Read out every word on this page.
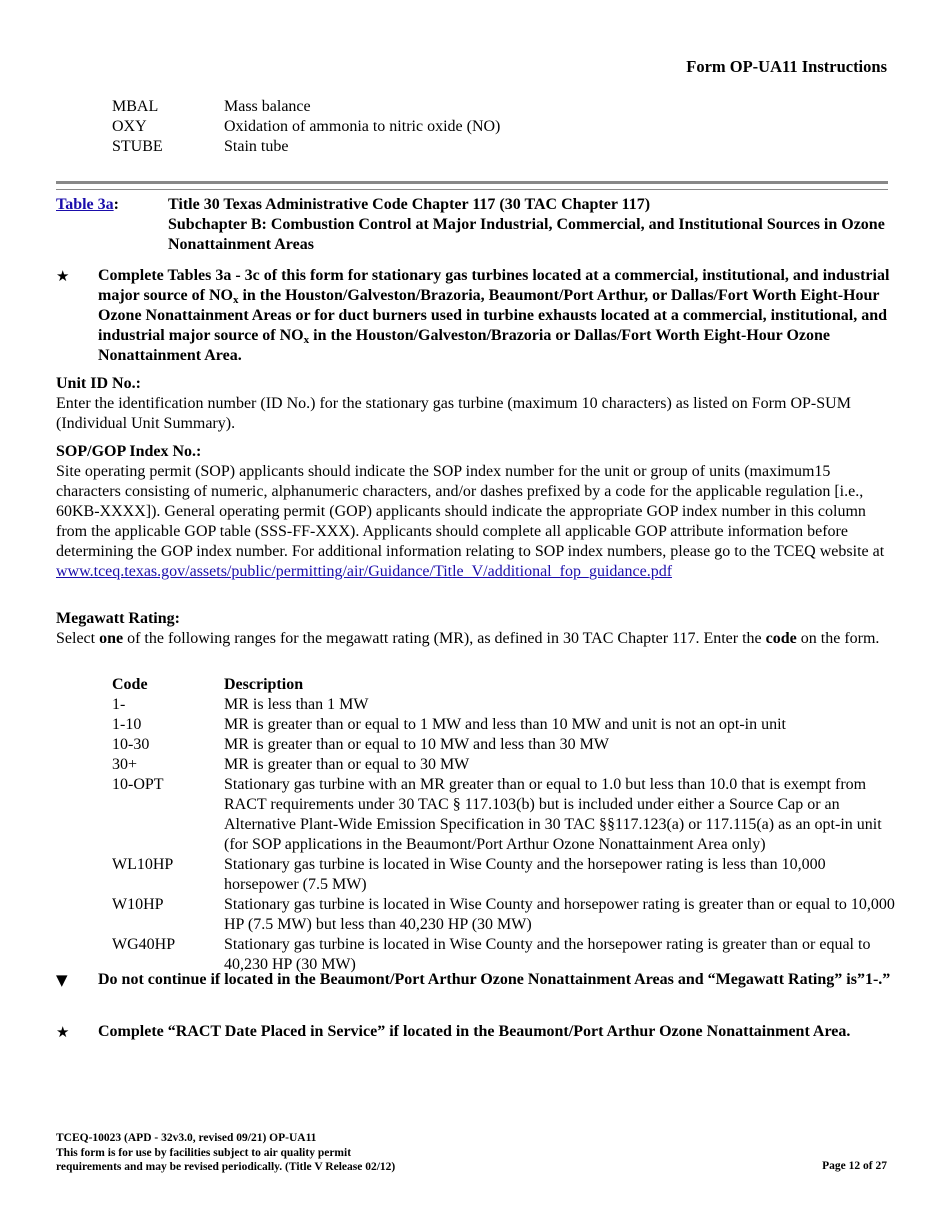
Form OP-UA11 Instructions
MBAL	Mass balance
OXY	Oxidation of ammonia to nitric oxide (NO)
STUBE	Stain tube
Table 3a:	Title 30 Texas Administrative Code Chapter 117 (30 TAC Chapter 117)
Subchapter B: Combustion Control at Major Industrial, Commercial, and Institutional Sources in Ozone Nonattainment Areas
★	Complete Tables 3a - 3c of this form for stationary gas turbines located at a commercial, institutional, and industrial major source of $NO_x$ in the Houston/Galveston/Brazoria, Beaumont/Port Arthur, or Dallas/Fort Worth Eight-Hour Ozone Nonattainment Areas or for duct burners used in turbine exhausts located at a commercial, institutional, and industrial major source of $NO_x$ in the Houston/Galveston/Brazoria or Dallas/Fort Worth Eight-Hour Ozone Nonattainment Area.
Unit ID No.:
Enter the identification number (ID No.) for the stationary gas turbine (maximum 10 characters) as listed on Form OP-SUM (Individual Unit Summary).
SOP/GOP Index No.:
Site operating permit (SOP) applicants should indicate the SOP index number for the unit or group of units (maximum15 characters consisting of numeric, alphanumeric characters, and/or dashes prefixed by a code for the applicable regulation [i.e., 60KB-XXXX]). General operating permit (GOP) applicants should indicate the appropriate GOP index number in this column from the applicable GOP table (SSS-FF-XXX). Applicants should complete all applicable GOP attribute information before determining the GOP index number. For additional information relating to SOP index numbers, please go to the TCEQ website at
www.tceq.texas.gov/assets/public/permitting/air/Guidance/Title_V/additional_fop_guidance.pdf
Megawatt Rating:
Select one of the following ranges for the megawatt rating (MR), as defined in 30 TAC Chapter 117. Enter the code on the form.
Code	Description
1-	MR is less than 1 MW
1-10	MR is greater than or equal to 1 MW and less than 10 MW and unit is not an opt-in unit
10-30	MR is greater than or equal to 10 MW and less than 30 MW
30+	MR is greater than or equal to 30 MW
10-OPT	Stationary gas turbine with an MR greater than or equal to 1.0 but less than 10.0 that is exempt from RACT requirements under 30 TAC § 117.103(b) but is included under either a Source Cap or an Alternative Plant-Wide Emission Specification in 30 TAC §§117.123(a) or 117.115(a) as an opt-in unit (for SOP applications in the Beaumont/Port Arthur Ozone Nonattainment Area only)
WL10HP	Stationary gas turbine is located in Wise County and the horsepower rating is less than 10,000 horsepower (7.5 MW)
W10HP	Stationary gas turbine is located in Wise County and horsepower rating is greater than or equal to 10,000 HP (7.5 MW) but less than 40,230 HP (30 MW)
WG40HP	Stationary gas turbine is located in Wise County and the horsepower rating is greater than or equal to 40,230 HP (30 MW)
▼	Do not continue if located in the Beaumont/Port Arthur Ozone Nonattainment Areas and “Megawatt Rating” is”1-.”
★	Complete “RACT Date Placed in Service” if located in the Beaumont/Port Arthur Ozone Nonattainment Area.
TCEQ-10023 (APD - 32v3.0, revised 09/21) OP-UA11
This form is for use by facilities subject to air quality permit
requirements and may be revised periodically. (Title V Release 02/12)	Page 12 of 27
